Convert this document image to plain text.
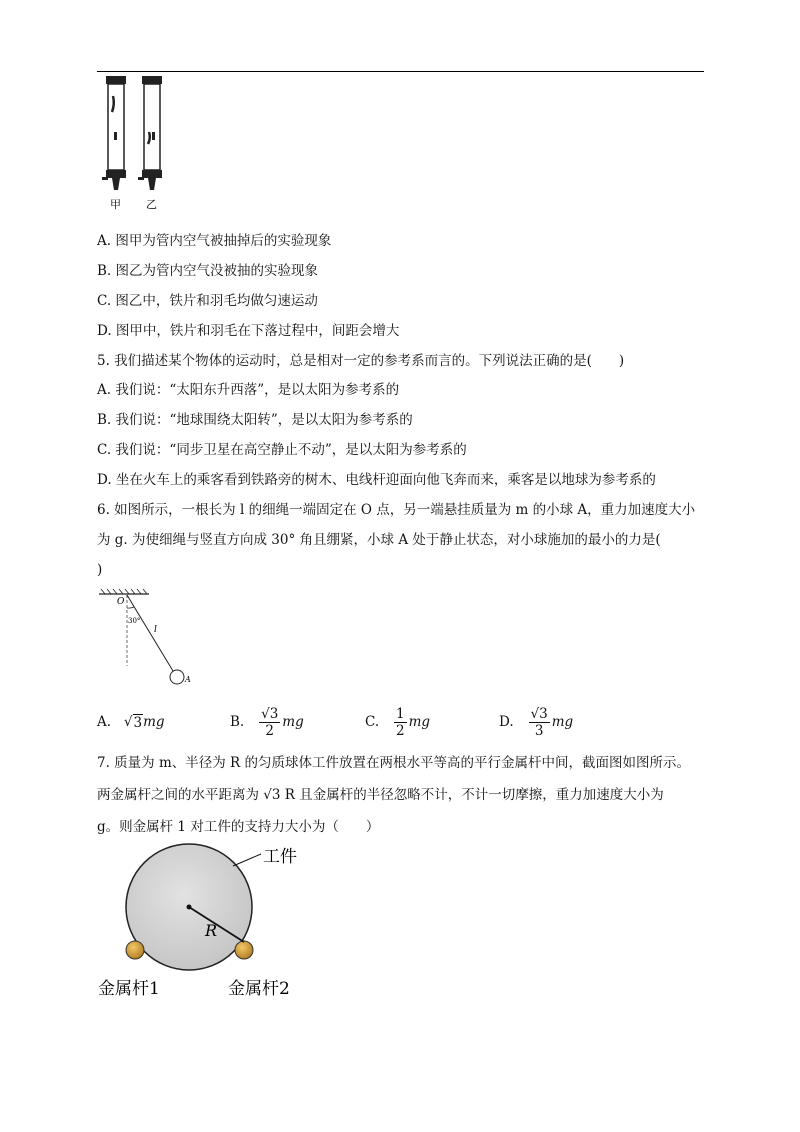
甲 乙
A. 图甲为管内空气被抽掉后的实验现象
B. 图乙为管内空气没被抽的实验现象
C. 图乙中，铁片和羽毛均做匀速运动
D. 图甲中，铁片和羽毛在下落过程中，间距会增大
5. 我们描述某个物体的运动时，总是相对一定的参考系而言的。下列说法正确的是(　　)
A. 我们说：“太阳东升西落”，是以太阳为参考系的
B. 我们说：“地球围绕太阳转”，是以太阳为参考系的
C. 我们说：“同步卫星在高空静止不动”，是以太阳为参考系的
D. 坐在火车上的乘客看到铁路旁的树木、电线杆迎面向他飞奔而来，乘客是以地球为参考系的
6. 如图所示，一根长为 l 的细绳一端固定在 O 点，另一端悬挂质量为 m 的小球 A，重力加速度大小
为 g. 为使细绳与竖直方向成 30° 角且绷紧，小球 A 处于静止状态，对小球施加的最小的力是(
)
O
30°
l
A
A.
√ 3 mg	B.
$\frac{√3}{2}$ mg	C.
$\frac{1}{2}$ mg	D.
$\frac{√3}{3}$ mg
7. 质量为 m、半径为 R 的匀质球体工件放置在两根水平等高的平行金属杆中间，截面图如图所示。
两金属杆之间的水平距离为 √3 R 且金属杆的半径忽略不计，不计一切摩擦，重力加速度大小为
g。则金属杆 1 对工件的支持力大小为（　　）
工件
R
金属杆1	金属杆2
